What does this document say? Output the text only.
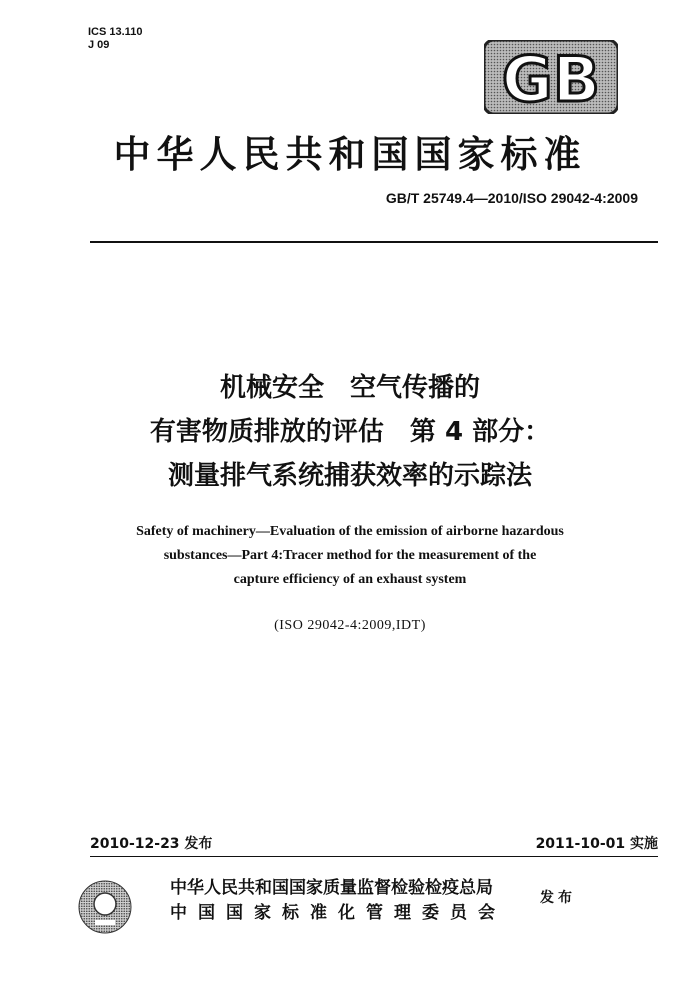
ICS 13.110
J 09	GB
中华人民共和国国家标准
GB/T 25749.4—2010/ISO 29042-4:2009
机械安全　空气传播的
有害物质排放的评估　第 4 部分：
测量排气系统捕获效率的示踪法
Safety of machinery—Evaluation of the emission of airborne hazardous
substances—Part 4:Tracer method for the measurement of the
capture efficiency of an exhaust system
(ISO 29042-4:2009,IDT)
2010-12-23 发布	2011-10-01 实施
中华人民共和国国家质量监督检验检疫总局
中国国家标准化管理委员会
发布
